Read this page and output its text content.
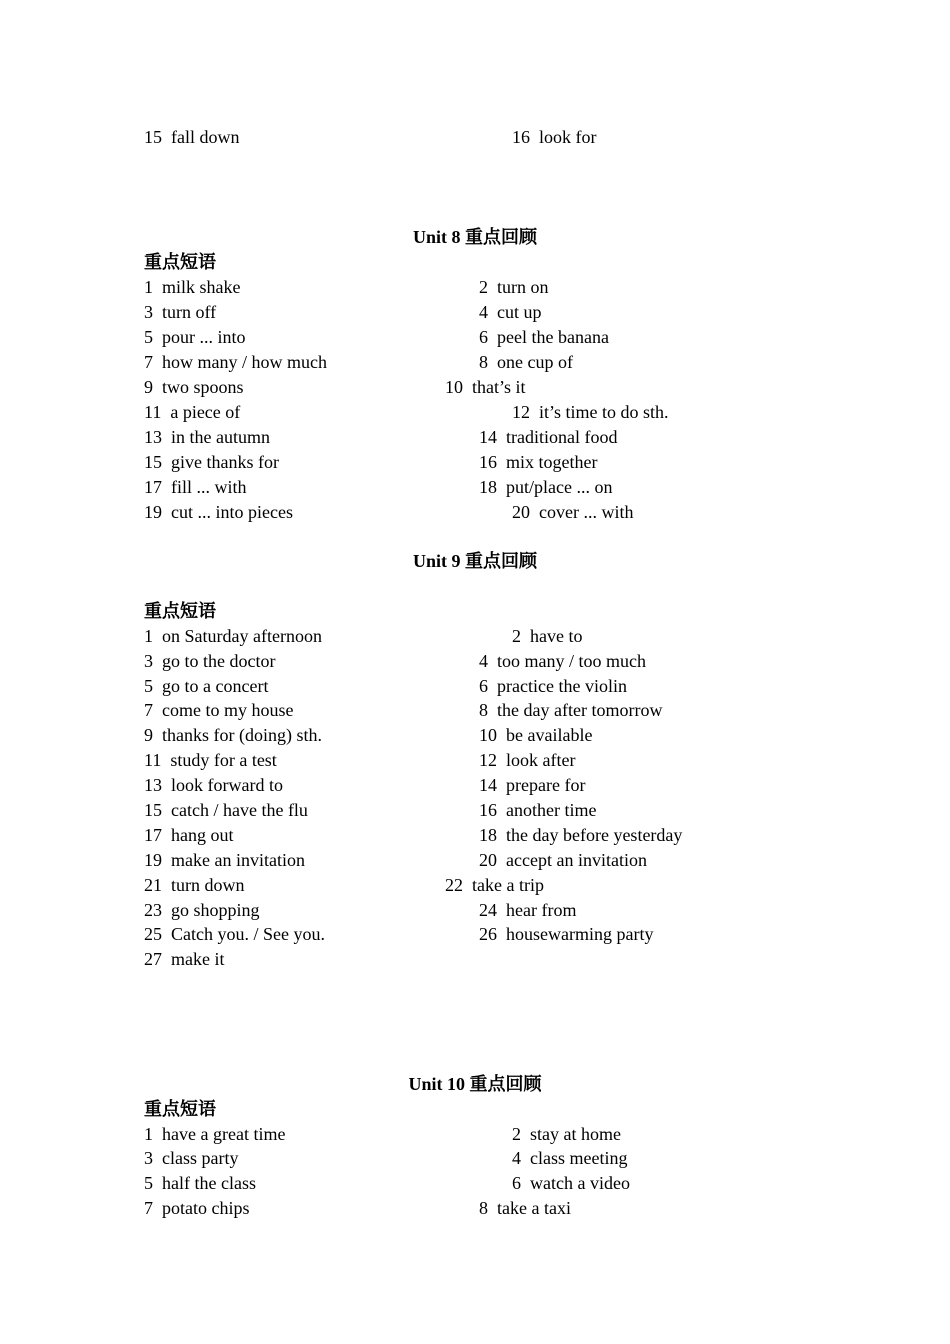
15  fall down	16  look for
Unit 8 重点回顾
重点短语
1  milk shake
3  turn off
5  pour ... into
7  how many / how much
9  two spoons
11  a piece of
13  in the autumn
15  give thanks for
17  fill ... with
19  cut ... into pieces
2  turn on
4  cut up
6  peel the banana
8  one cup of
10  that’s it
12  it’s time to do sth.
14  traditional food
16  mix together
18  put/place ... on
20  cover ... with
Unit 9 重点回顾
重点短语
1  on Saturday afternoon
3  go to the doctor
5  go to a concert
7  come to my house
9  thanks for (doing) sth.
11  study for a test
13  look forward to
15  catch / have the flu
17  hang out
19  make an invitation
21  turn down
23  go shopping
25  Catch you. / See you.
27  make it
2  have to
4  too many / too much
6  practice the violin
8  the day after tomorrow
10  be available
12  look after
14  prepare for
16  another time
18  the day before yesterday
20  accept an invitation
22  take a trip
24  hear from
26  housewarming party
Unit 10 重点回顾
重点短语
1  have a great time
3  class party
5  half the class
7  potato chips
2  stay at home
4  class meeting
6  watch a video
8  take a taxi
